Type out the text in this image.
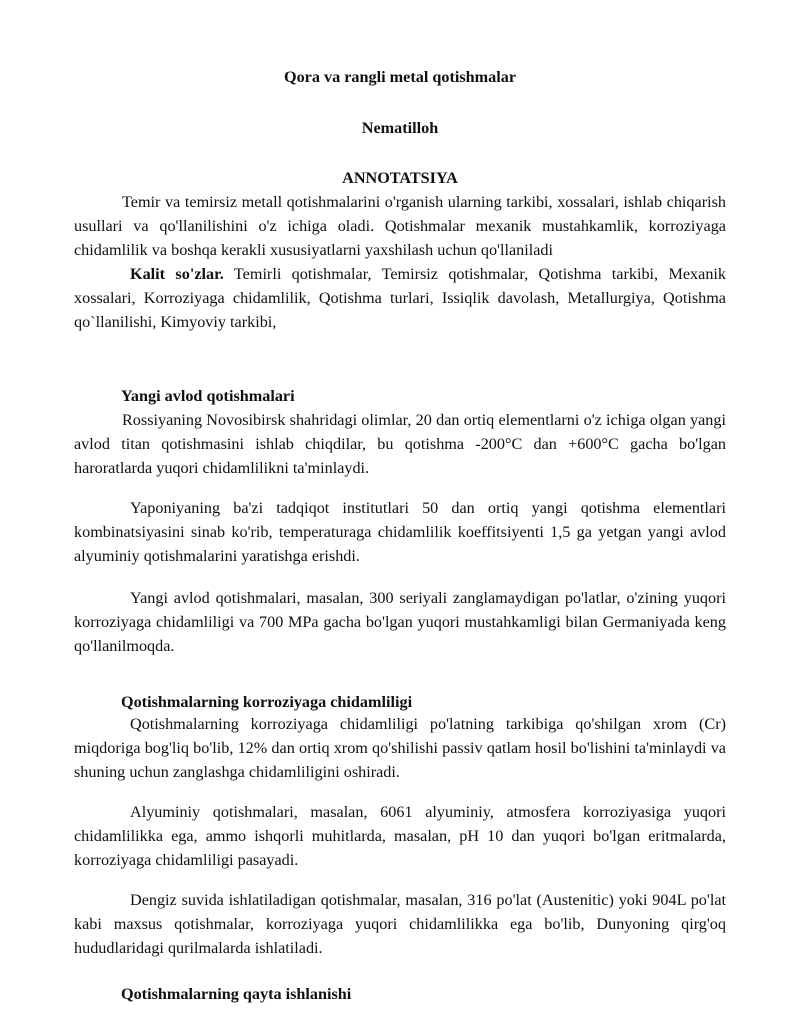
Qora va rangli metal qotishmalar
Nematilloh
ANNOTATSIYA

Temir va temirsiz metall qotishmalarini o'rganish ularning tarkibi, xossalari, ishlab chiqarish usullari va qo'llanilishini o'z ichiga oladi. Qotishmalar mexanik mustahkamlik, korroziyaga chidamlilik va boshqa kerakli xususiyatlarni yaxshilash uchun qo'llaniladi

Kalit so'zlar. Temirli qotishmalar, Temirsiz qotishmalar, Qotishma tarkibi, Mexanik xossalari, Korroziyaga chidamlilik, Qotishma turlari, Issiqlik davolash, Metallurgiya, Qotishma qo`llanilishi, Kimyoviy tarkibi,

Yangi avlod qotishmalari

Rossiyaning Novosibirsk shahridagi olimlar, 20 dan ortiq elementlarni o'z ichiga olgan yangi avlod titan qotishmasini ishlab chiqdilar, bu qotishma -200°C dan +600°C gacha bo'lgan haroratlarda yuqori chidamlilikni ta'minlaydi.

Yaponiyaning ba'zi tadqiqot institutlari 50 dan ortiq yangi qotishma elementlari kombinatsiyasini sinab ko'rib, temperaturaga chidamlilik koeffitsiyenti 1,5 ga yetgan yangi avlod alyuminiy qotishmalarini yaratishga erishdi.

Yangi avlod qotishmalari, masalan, 300 seriyali zanglamaydigan po'latlar, o'zining yuqori korroziyaga chidamliligi va 700 MPa gacha bo'lgan yuqori mustahkamligi bilan Germaniyada keng qo'llanilmoqda.

Qotishmalarning korroziyaga chidamliligi

Qotishmalarning korroziyaga chidamliligi po'latning tarkibiga qo'shilgan xrom (Cr) miqdoriga bog'liq bo'lib, 12% dan ortiq xrom qo'shilishi passiv qatlam hosil bo'lishini ta'minlaydi va shuning uchun zanglashga chidamliligini oshiradi.

Alyuminiy qotishmalari, masalan, 6061 alyuminiy, atmosfera korroziyasiga yuqori chidamlilikka ega, ammo ishqorli muhitlarda, masalan, pH 10 dan yuqori bo'lgan eritmalarda, korroziyaga chidamliligi pasayadi.

Dengiz suvida ishlatiladigan qotishmalar, masalan, 316 po'lat (Austenitic) yoki 904L po'lat kabi maxsus qotishmalar, korroziyaga yuqori chidamlilikka ega bo'lib, Dunyoning qirg'oq hududlaridagi qurilmalarda ishlatiladi.

Qotishmalarning qayta ishlanishi
